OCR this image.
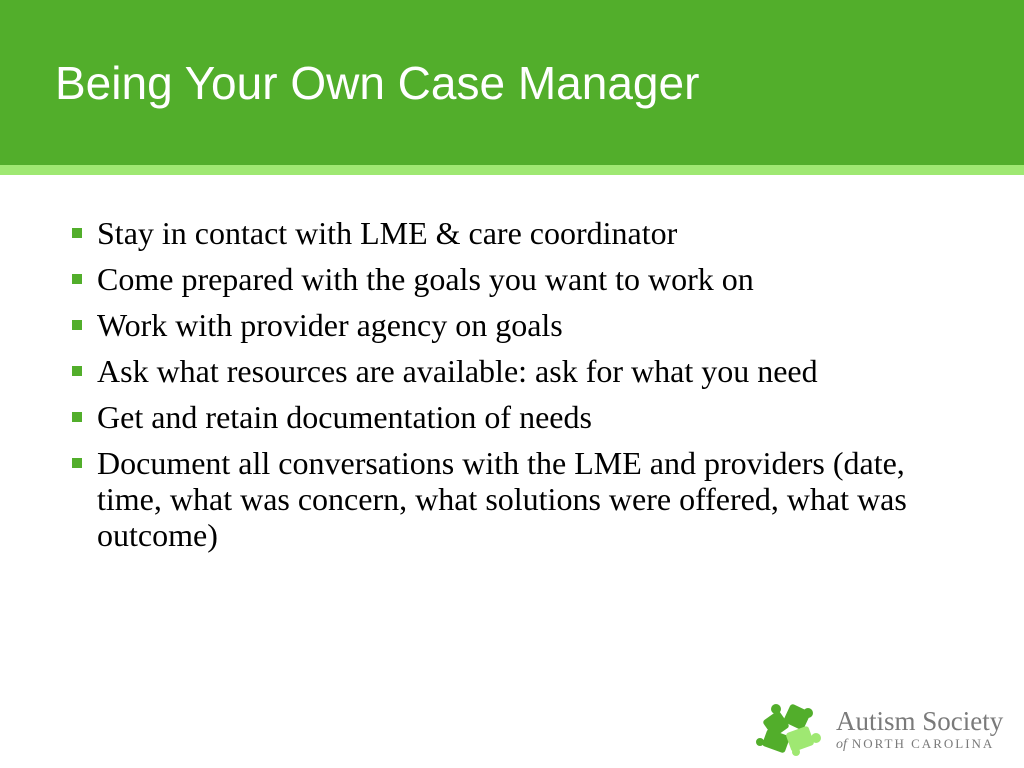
Being Your Own Case Manager
Stay in contact with LME & care coordinator
Come prepared with the goals you want to work on
Work with provider agency on goals
Ask what resources are available: ask for what you need
Get and retain documentation of needs
Document all conversations with the LME and providers (date, time, what was concern, what solutions were offered, what was outcome)
Autism Society
of NORTH CAROLINA
